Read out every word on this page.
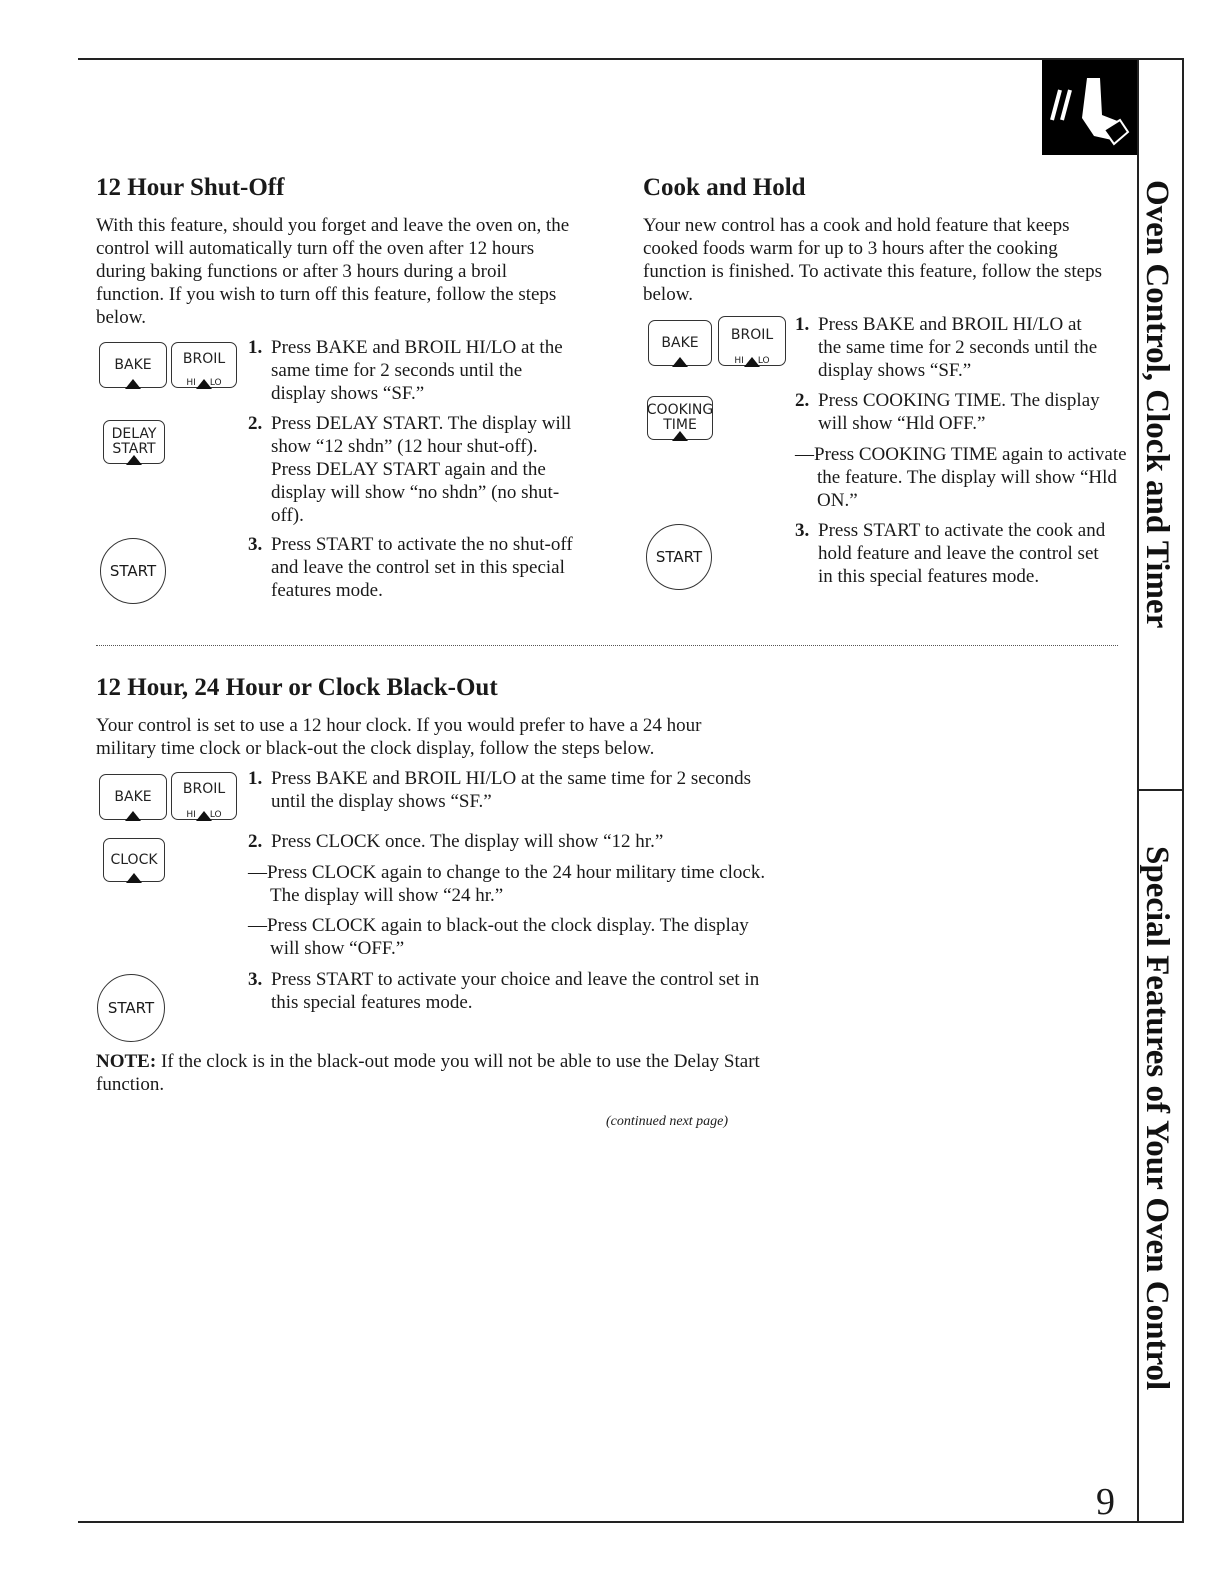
Oven Control, Clock and Timer
Special Features of Your Oven Control
12 Hour Shut-Off

With this feature, should you forget and leave the oven on, the control will automatically turn off the oven after 12 hours during baking functions or after 3 hours during a broil function. If you wish to turn off this feature, follow the steps below.

BAKE BROIL
HI LO
DELAY
START
START
1. Press BAKE and BROIL HI/LO at the same time for 2 seconds until the display shows “SF.”
2. Press DELAY START. The display will show “12 shdn” (12 hour shut-off). Press DELAY START again and the display will show “no shdn” (no shut-off).
3. Press START to activate the no shut-off and leave the control set in this special features mode.
Cook and Hold

Your new control has a cook and hold feature that keeps cooked foods warm for up to 3 hours after the cooking function is finished. To activate this feature, follow the steps below.

BAKE BROIL
HI LO
COOKING
TIME
START
1. Press BAKE and BROIL HI/LO at the same time for 2 seconds until the display shows “SF.”
2. Press COOKING TIME. The display will show “Hld OFF.”
—Press COOKING TIME again to activate the feature. The display will show “Hld ON.”
3. Press START to activate the cook and hold feature and leave the control set in this special features mode.
12 Hour, 24 Hour or Clock Black-Out

Your control is set to use a 12 hour clock. If you would prefer to have a 24 hour military time clock or black-out the clock display, follow the steps below.

BAKE BROIL
HI LO
CLOCK
START
1. Press BAKE and BROIL HI/LO at the same time for 2 seconds until the display shows “SF.”
2. Press CLOCK once. The display will show “12 hr.”
—Press CLOCK again to change to the 24 hour military time clock. The display will show “24 hr.”
—Press CLOCK again to black-out the clock display. The display will show “OFF.”
3. Press START to activate your choice and leave the control set in this special features mode.
NOTE: If the clock is in the black-out mode you will not be able to use the Delay Start function.
(continued next page)
9
